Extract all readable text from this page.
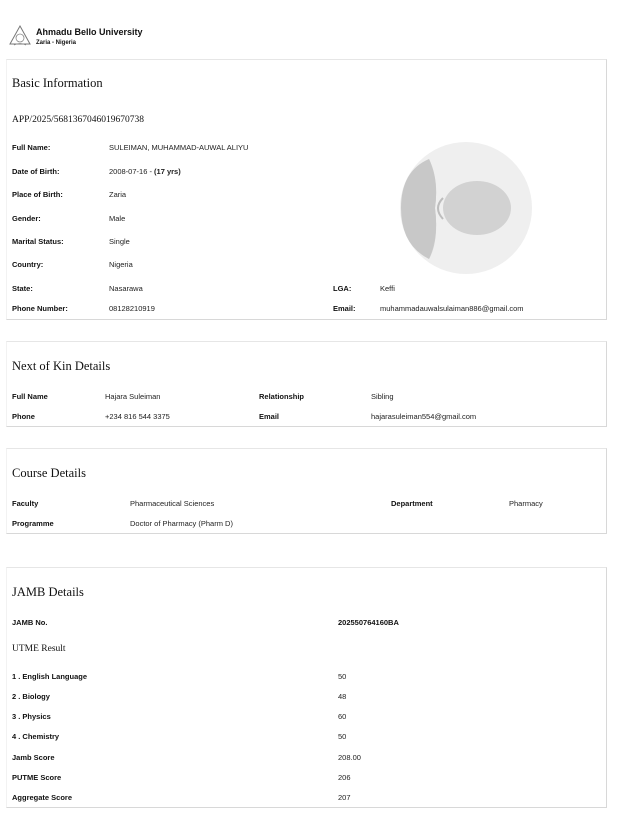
Ahmadu Bello University
Zaria - Nigeria
Basic Information
APP/2025/5681367046019670738
Full Name:	SULEIMAN, MUHAMMAD-AUWAL ALIYU
Date of Birth:	2008-07-16 - (17 yrs)
Place of Birth:	Zaria
Gender:	Male
Marital Status:	Single
Country:	Nigeria
State:	Nasarawa	LGA:	Keffi
Phone Number:	08128210919	Email:	muhammadauwalsulaiman886@gmail.com
Next of Kin Details
Full Name	Hajara Suleiman	Relationship	Sibling
Phone	+234 816 544 3375	Email	hajarasuleiman554@gmail.com
Course Details
Faculty	Pharmaceutical Sciences	Department	Pharmacy
Programme	Doctor of Pharmacy (Pharm D)
JAMB Details
JAMB No.	202550764160BA
UTME Result
1 . English Language	50
2 . Biology	48
3 . Physics	60
4 . Chemistry	50
Jamb Score	208.00
PUTME Score	206
Aggregate Score	207
